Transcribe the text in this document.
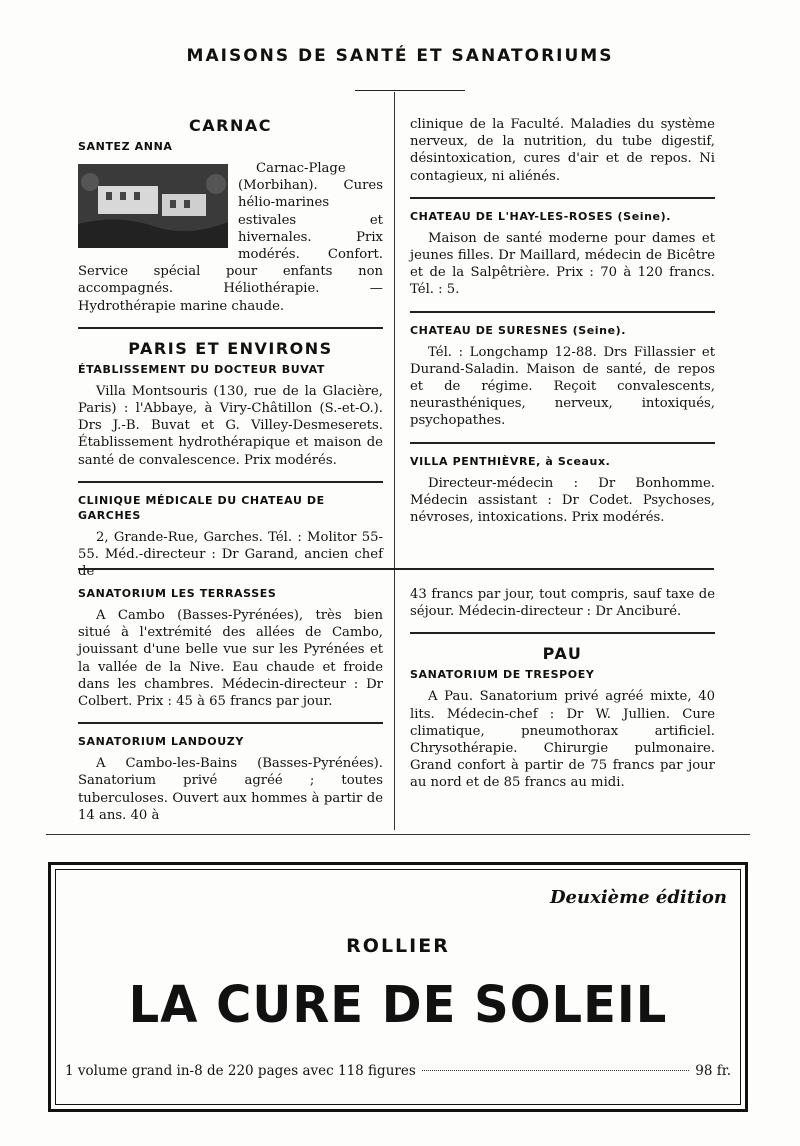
MAISONS DE SANTÉ ET SANATORIUMS
CARNAC
SANTEZ ANNA

Carnac-Plage (Morbihan). Cures hélio-marines estivales et hivernales. Prix modérés. Confort. Service spécial pour enfants non accompagnés. Héliothérapie. — Hydrothérapie marine chaude.

PARIS ET ENVIRONS
ÉTABLISSEMENT DU DOCTEUR BUVAT

Villa Montsouris (130, rue de la Glacière, Paris) : l'Abbaye, à Viry-Châtillon (S.-et-O.). Drs J.-B. Buvat et G. Villey-Desmeserets. Établissement hydrothérapique et maison de santé de convalescence. Prix modérés.

CLINIQUE MÉDICALE DU CHATEAU DE GARCHES

2, Grande-Rue, Garches. Tél. : Molitor 55-55. Méd.-directeur : Dr Garand, ancien chef de

clinique de la Faculté. Maladies du système nerveux, de la nutrition, du tube digestif, désintoxication, cures d'air et de repos. Ni contagieux, ni aliénés.

CHATEAU DE L'HAY-LES-ROSES (Seine).

Maison de santé moderne pour dames et jeunes filles. Dr Maillard, médecin de Bicêtre et de la Salpêtrière. Prix : 70 à 120 francs. Tél. : 5.

CHATEAU DE SURESNES (Seine).

Tél. : Longchamp 12-88. Drs Fillassier et Durand-Saladin. Maison de santé, de repos et de régime. Reçoit convalescents, neurasthéniques, nerveux, intoxiqués, psychopathes.

VILLA PENTHIÈVRE, à Sceaux.

Directeur-médecin : Dr Bonhomme. Médecin assistant : Dr Codet. Psychoses, névroses, intoxications. Prix modérés.

SANATORIUM LES TERRASSES

A Cambo (Basses-Pyrénées), très bien situé à l'extrémité des allées de Cambo, jouissant d'une belle vue sur les Pyrénées et la vallée de la Nive. Eau chaude et froide dans les chambres. Médecin-directeur : Dr Colbert. Prix : 45 à 65 francs par jour.

SANATORIUM LANDOUZY

A Cambo-les-Bains (Basses-Pyrénées). Sanatorium privé agréé ; toutes tuberculoses. Ouvert aux hommes à partir de 14 ans. 40 à

43 francs par jour, tout compris, sauf taxe de séjour. Médecin-directeur : Dr Anciburé.

PAU
SANATORIUM DE TRESPOEY

A Pau. Sanatorium privé agréé mixte, 40 lits. Médecin-chef : Dr W. Jullien. Cure climatique, pneumothorax artificiel. Chrysothérapie. Chirurgie pulmonaire. Grand confort à partir de 75 francs par jour au nord et de 85 francs au midi.

Deuxième édition
ROLLIER
LA CURE DE SOLEIL
1 volume grand in-8 de 220 pages avec 118 figures	98 fr.
